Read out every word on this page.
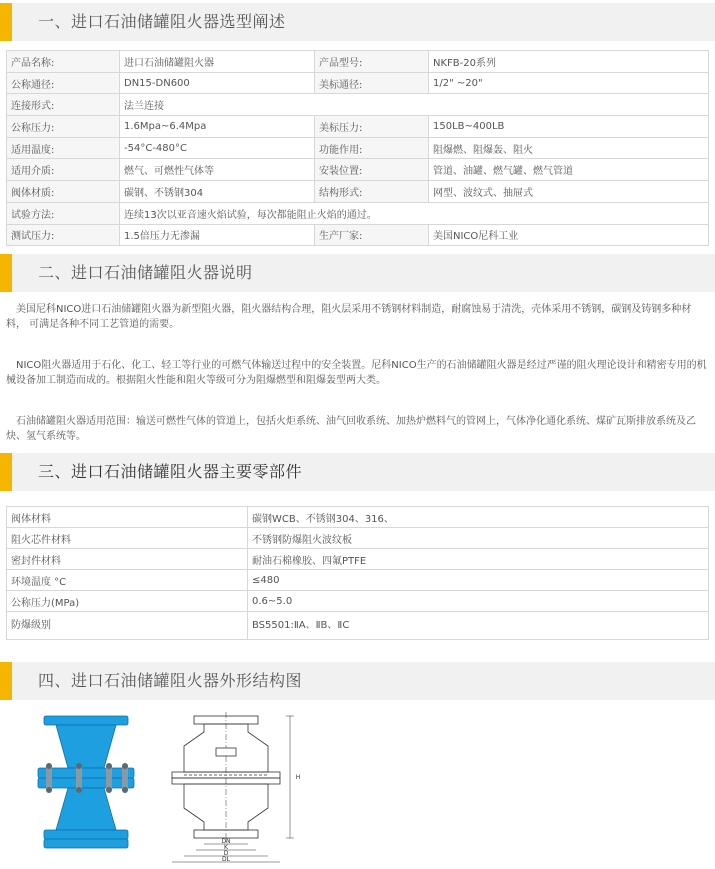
一、进口石油储罐阻火器选型阐述
产品名称:	进口石油储罐阻火器	产品型号:	NKFB-20系列
公称通径:	DN15-DN600	美标通径:	1/2" ~20"
连接形式:	法兰连接		
公称压力:	1.6Mpa~6.4Mpa	美标压力:	150LB~400LB
适用温度:	-54°C-480°C	功能作用:	阻爆燃、阻爆轰、阻火
适用介质:	燃气、可燃性气体等	安装位置:	管道、油罐、燃气罐、燃气管道
阀体材质:	碳钢、不锈钢304	结构形式:	网型、波纹式、抽屉式
试验方法:	连续13次以亚音速火焰试验，每次都能阻止火焰的通过。		
测试压力:	1.5倍压力无渗漏	生产厂家:	美国NICO尼科工业
二、进口石油储罐阻火器说明

美国尼科NICO进口石油储罐阻火器为新型阻火器，阻火器结构合理，阻火层采用不锈钢材料制造，耐腐蚀易于清洗，壳体采用不锈钢，碳钢及铸钢多种材料， 可满足各种不同工艺管道的需要。

NICO阻火器适用于石化、化工、轻工等行业的可燃气体输送过程中的安全装置。尼科NICO生产的石油储罐阻火器是经过严谨的阻火理论设计和精密专用的机械设备加工制造而成的。根据阻火性能和阻火等级可分为阻爆燃型和阻爆轰型两大类。

石油储罐阻火器适用范围：输送可燃性气体的管道上，包括火炬系统、油气回收系统、加热炉燃料气的管网上，气体净化通化系统、煤矿瓦斯排放系统及乙炔、氢气系统等。

三、进口石油储罐阻火器主要零部件
阀体材料	碳钢WCB、不锈钢304、316、
阻火芯件材料	不锈钢防爆阻火波纹板
密封件材料	耐油石棉橡胶、四氟PTFE
环境温度 °C	≤480
公称压力(MPa)	0.6~5.0
防爆级别	BS5501:ⅡA、ⅡB、ⅡC
四、进口石油储罐阻火器外形结构图
DN
K
D
DL
H
